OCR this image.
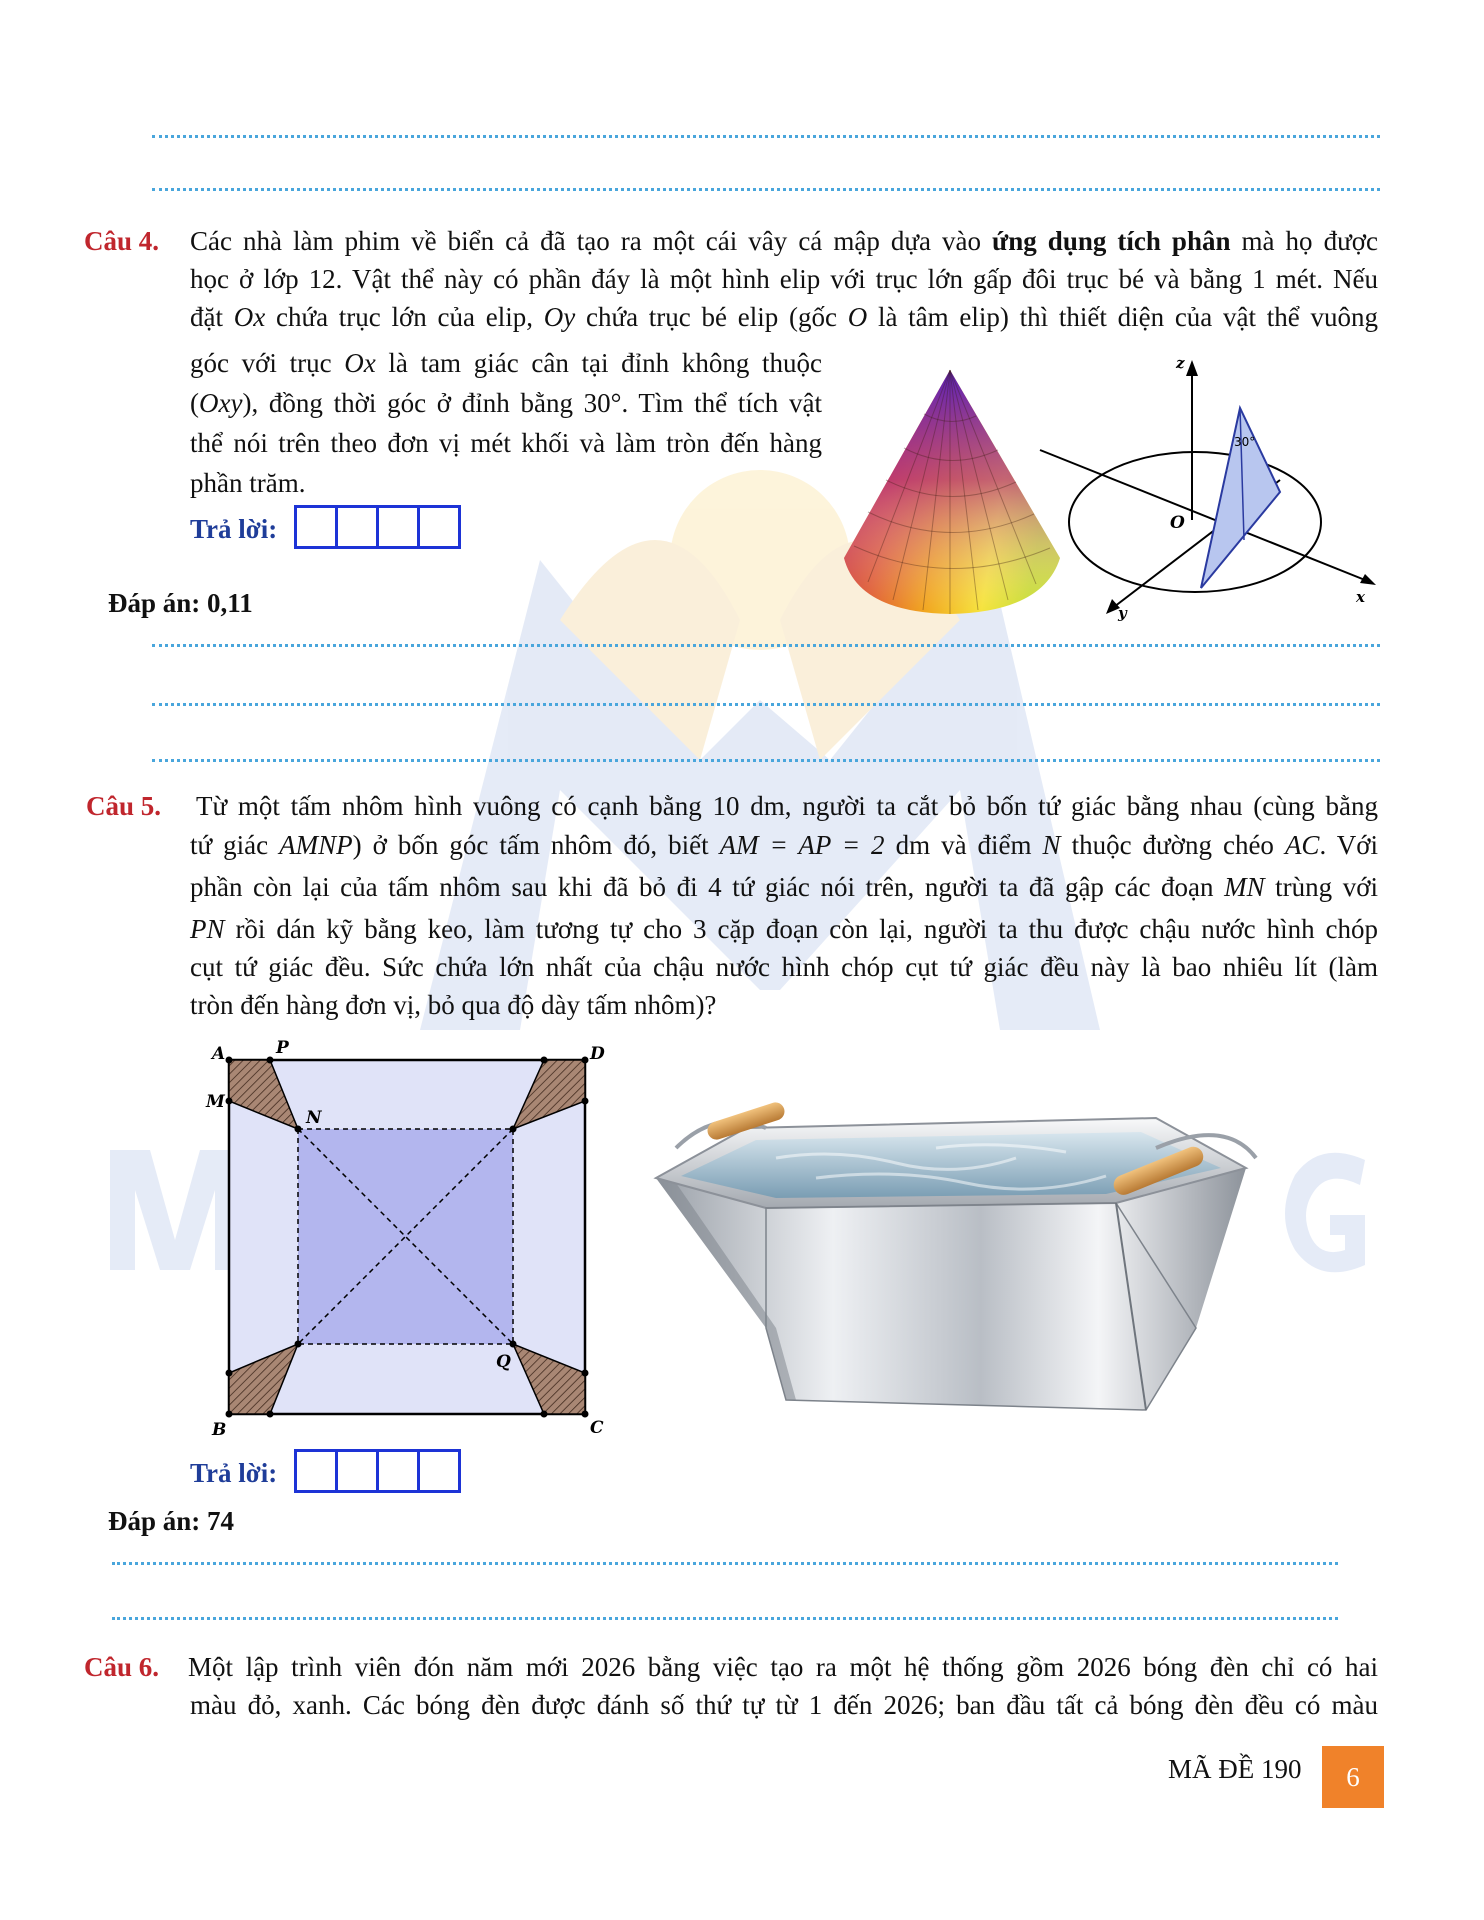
Câu 4. Các nhà làm phim về biển cả đã tạo ra một cái vây cá mập dựa vào ứng dụng tích phân mà họ được
học ở lớp 12. Vật thể này có phần đáy là một hình elip với trục lớn gấp đôi trục bé và bằng 1 mét. Nếu
đặt Ox chứa trục lớn của elip, Oy chứa trục bé elip (gốc O là tâm elip) thì thiết diện của vật thể vuông
góc với trục Ox là tam giác cân tại đỉnh không thuộc
(Oxy), đồng thời góc ở đỉnh bằng 30°. Tìm thể tích vật
thể nói trên theo đơn vị mét khối và làm tròn đến hàng
phần trăm.
Trả lời:
Đáp án: 0,11
z
x
y
O
30°
Câu 5. Từ một tấm nhôm hình vuông có cạnh bằng 10 dm, người ta cắt bỏ bốn tứ giác bằng nhau (cùng bằng
tứ giác AMNP) ở bốn góc tấm nhôm đó, biết AM = AP = 2 dm và điểm N thuộc đường chéo AC. Với
phần còn lại của tấm nhôm sau khi đã bỏ đi 4 tứ giác nói trên, người ta đã gập các đoạn MN trùng với
PN rồi dán kỹ bằng keo, làm tương tự cho 3 cặp đoạn còn lại, người ta thu được chậu nước hình chóp
cụt tứ giác đều. Sức chứa lớn nhất của chậu nước hình chóp cụt tứ giác đều này là bao nhiêu lít (làm
tròn đến hàng đơn vị, bỏ qua độ dày tấm nhôm)?
A	P	D
M
N
Q
B	C
Trả lời:
Đáp án: 74
Câu 6. Một lập trình viên đón năm mới 2026 bằng việc tạo ra một hệ thống gồm 2026 bóng đèn chỉ có hai
màu đỏ, xanh. Các bóng đèn được đánh số thứ tự từ 1 đến 2026; ban đầu tất cả bóng đèn đều có màu
MÃ ĐỀ 190	6
